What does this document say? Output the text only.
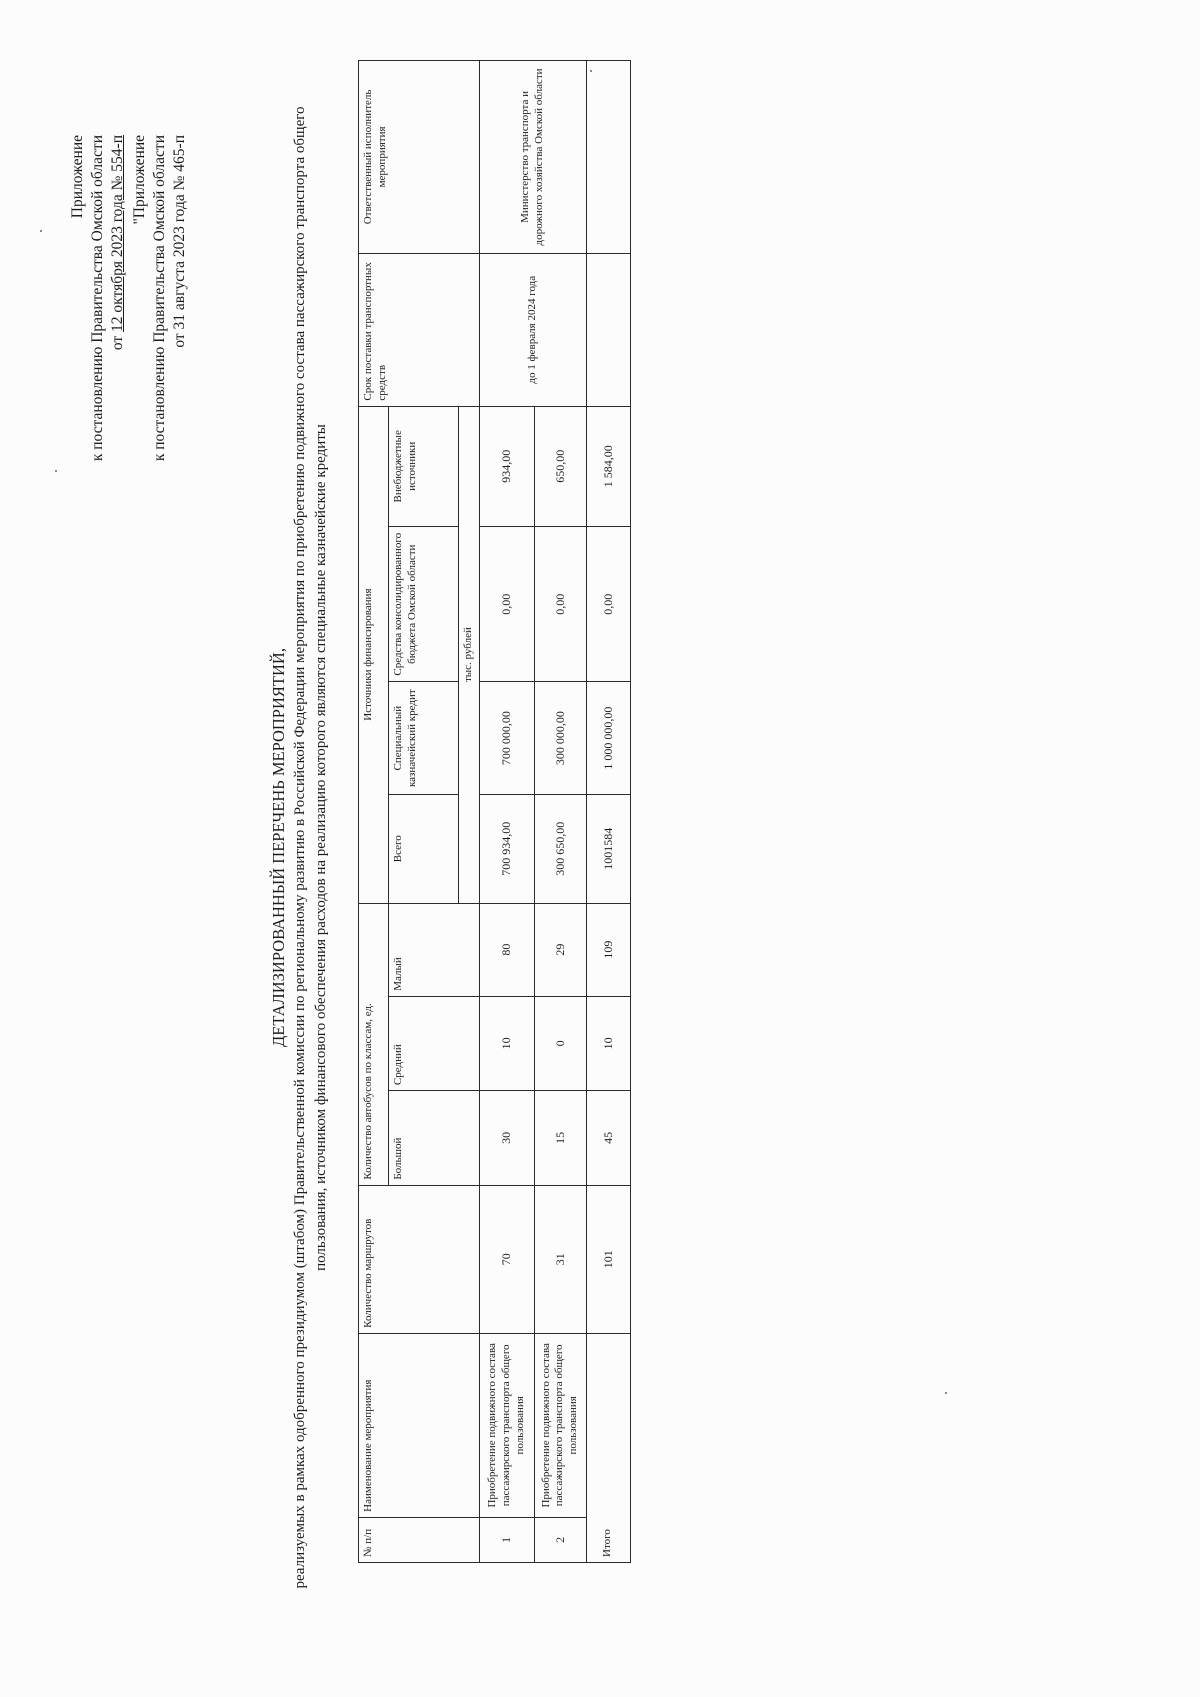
Приложение к постановлению Правительства Омской области от 12 октября 2023 года № 554-п "Приложение к постановлению Правительства Омской области от 31 августа 2023 года № 465-п
ДЕТАЛИЗИРОВАННЫЙ ПЕРЕЧЕНЬ МЕРОПРИЯТИЙ, реализуемых в рамках одобренного президиумом (штабом) Правительственной комиссии по региональному развитию в Российской Федерации мероприятия по приобретению подвижного состава пассажирского транспорта общего пользования, источником финансового обеспечения расходов на реализацию которого являются специальные казначейские кредиты
№ п/п	Наименование мероприятия	Количество маршрутов	Количество автобусов по классам, ед.			Источники финансирования				Срок поставки транспортных средств	Ответственный исполнитель мероприятия
			Большой	Средний	Малый	Всего	Специальный казначейский кредит	Средства консолидированного бюджета Омской области	Внебюджетные источники		
						тыс. рублей					
1	Приобретение подвижного состава пассажирского транспорта общего пользования	70	30	10	80	700 934,00	700 000,00	0,00	934,00	до 1 февраля 2024 года	Министерство транспорта и дорожного хозяйства Омской области
2	Приобретение подвижного состава пассажирского транспорта общего пользования	31	15	0	29	300 650,00	300 000,00	0,00	650,00		
Итого		101	45	10	109	1001584	1 000 000,00	0,00	1 584,00		
